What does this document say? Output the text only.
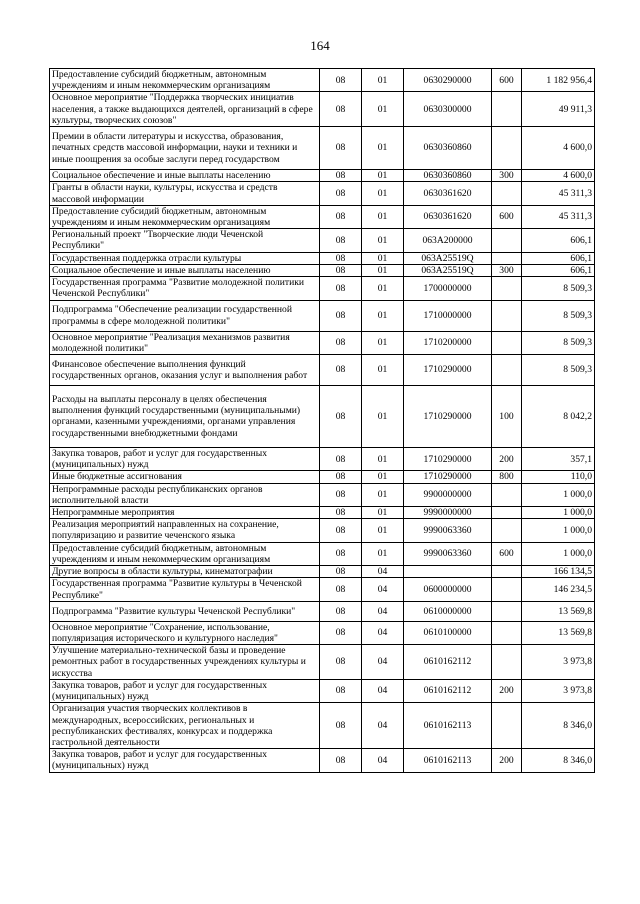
164
Предоставление субсидий бюджетным, автономным учреждениям и иным некоммерческим организациям	08	01	0630290000	600	1 182 956,4
Основное мероприятие "Поддержка творческих инициатив населения, а также выдающихся деятелей, организаций в сфере культуры, творческих союзов"	08	01	0630300000		49 911,3
Премии в области литературы и искусства, образования, печатных средств массовой информации, науки и техники и иные поощрения за особые заслуги перед государством	08	01	0630360860		4 600,0
Социальное обеспечение и иные выплаты населению	08	01	0630360860	300	4 600,0
Гранты в области науки, культуры, искусства и средств массовой информации	08	01	0630361620		45 311,3
Предоставление субсидий бюджетным, автономным учреждениям и иным некоммерческим организациям	08	01	0630361620	600	45 311,3
Региональный проект "Творческие люди Чеченской Республики"	08	01	063A200000		606,1
Государственная поддержка отрасли культуры	08	01	063A25519Q		606,1
Социальное обеспечение и иные выплаты населению	08	01	063A25519Q	300	606,1
Государственная программа "Развитие молодежной политики Чеченской Республики"	08	01	1700000000		8 509,3
Подпрограмма "Обеспечение реализации государственной программы в сфере молодежной политики"	08	01	1710000000		8 509,3
Основное мероприятие "Реализация механизмов развития молодежной политики"	08	01	1710200000		8 509,3
Финансовое обеспечение выполнения функций государственных органов, оказания услуг и выполнения работ	08	01	1710290000		8 509,3
Расходы на выплаты персоналу в целях обеспечения выполнения функций государственными (муниципальными) органами, казенными учреждениями, органами управления государственными внебюджетными фондами	08	01	1710290000	100	8 042,2
Закупка товаров, работ и услуг для государственных (муниципальных) нужд	08	01	1710290000	200	357,1
Иные бюджетные ассигнования	08	01	1710290000	800	110,0
Непрограммные расходы республиканских органов исполнительной власти	08	01	9900000000		1 000,0
Непрограммные мероприятия	08	01	9990000000		1 000,0
Реализация мероприятий направленных на сохранение, популяризацию и развитие чеченского языка	08	01	9990063360		1 000,0
Предоставление субсидий бюджетным, автономным учреждениям и иным некоммерческим организациям	08	01	9990063360	600	1 000,0
Другие вопросы в области культуры, кинематографии	08	04			166 134,5
Государственная программа "Развитие культуры в Чеченской Республике"	08	04	0600000000		146 234,5
Подпрограмма "Развитие культуры Чеченской Республики"	08	04	0610000000		13 569,8
Основное мероприятие "Сохранение, использование, популяризация исторического и культурного наследия"	08	04	0610100000		13 569,8
Улучшение материально-технической базы и проведение ремонтных работ в государственных учреждениях культуры и искусства	08	04	0610162112		3 973,8
Закупка товаров, работ и услуг для государственных (муниципальных) нужд	08	04	0610162112	200	3 973,8
Организация участия творческих коллективов в международных, всероссийских, региональных и республиканских фестивалях, конкурсах и поддержка гастрольной деятельности	08	04	0610162113		8 346,0
Закупка товаров, работ и услуг для государственных (муниципальных) нужд	08	04	0610162113	200	8 346,0
